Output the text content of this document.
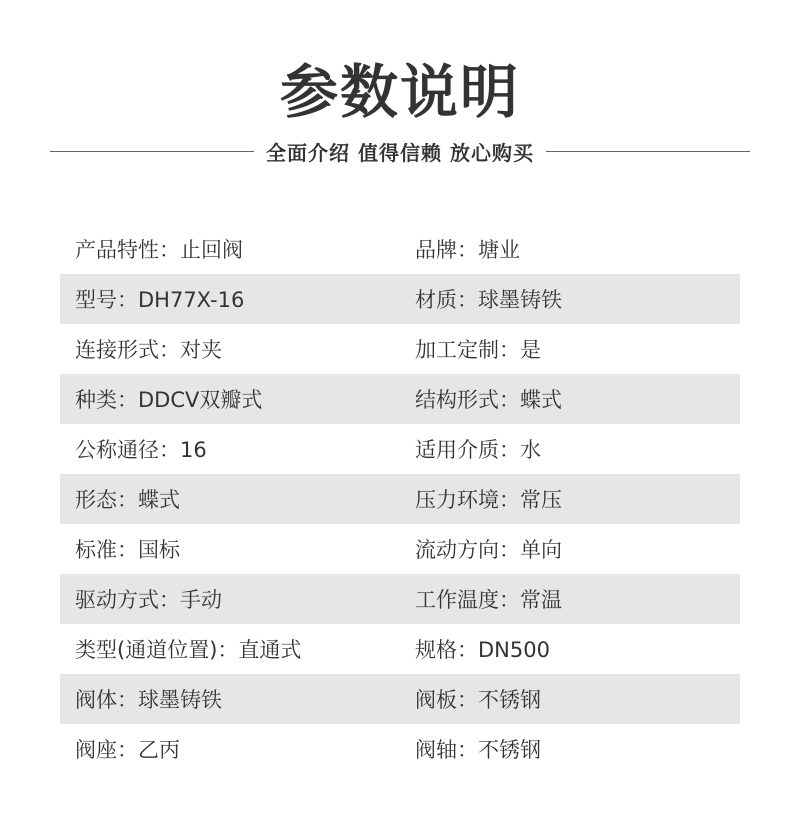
参数说明
全面介绍 值得信赖 放心购买
产品特性：止回阀	品牌：塘业
型号：DH77X-16	材质：球墨铸铁
连接形式：对夹	加工定制：是
种类：DDCV双瓣式	结构形式：蝶式
公称通径：16	适用介质：水
形态：蝶式	压力环境：常压
标准：国标	流动方向：单向
驱动方式：手动	工作温度：常温
类型(通道位置)：直通式	规格：DN500
阀体：球墨铸铁	阀板：不锈钢
阀座：乙丙	阀轴：不锈钢
